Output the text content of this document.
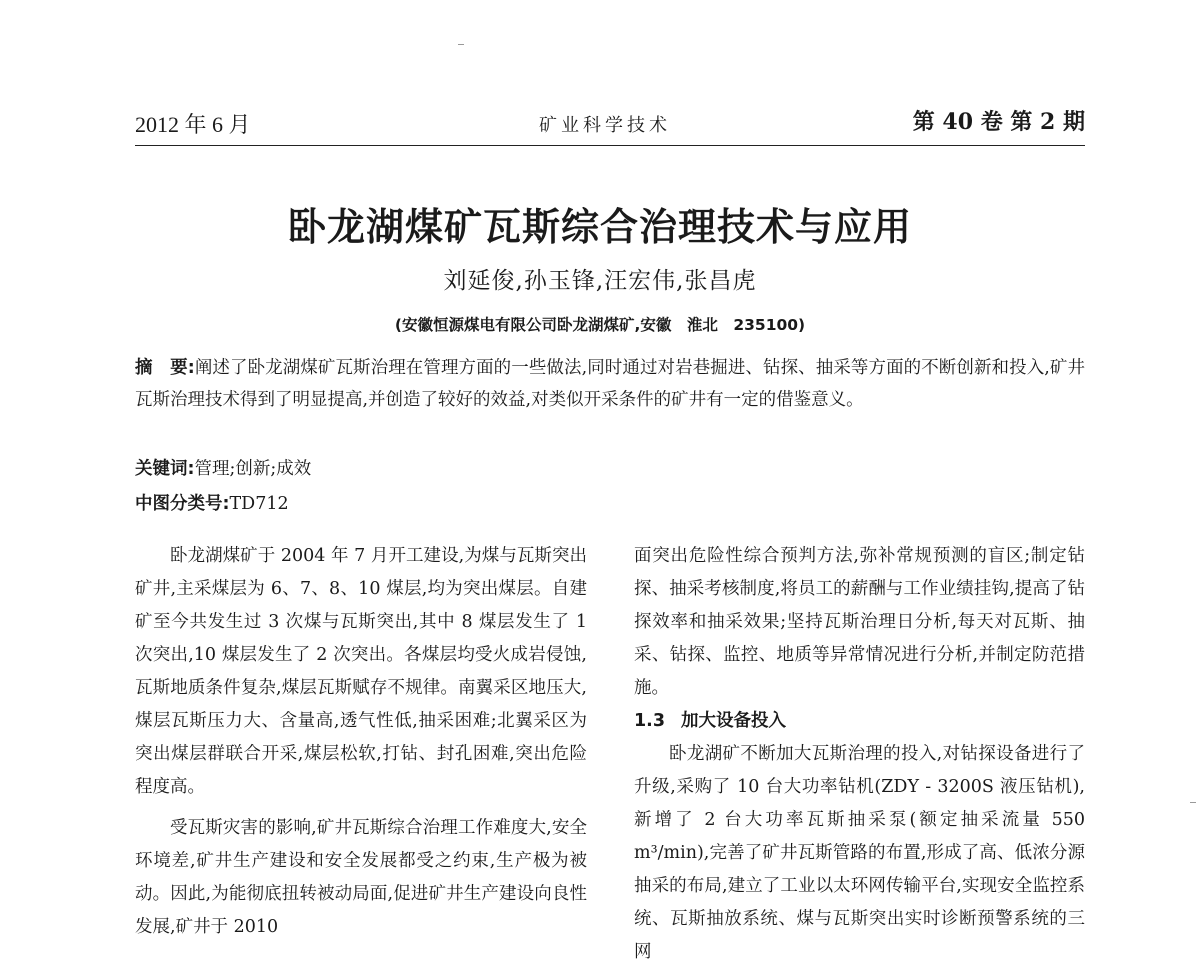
2012 年 6 月	矿业科学技术	第 40 卷 第 2 期
卧龙湖煤矿瓦斯综合治理技术与应用
刘延俊,孙玉锋,汪宏伟,张昌虎
(安徽恒源煤电有限公司卧龙湖煤矿,安徽　淮北　235100)
摘　要:阐述了卧龙湖煤矿瓦斯治理在管理方面的一些做法,同时通过对岩巷掘进、钻探、抽采等方面的不断创新和投入,矿井瓦斯治理技术得到了明显提高,并创造了较好的效益,对类似开采条件的矿井有一定的借鉴意义。
关键词:管理;创新;成效
中图分类号:TD712

卧龙湖煤矿于 2004 年 7 月开工建设,为煤与瓦斯突出矿井,主采煤层为 6、7、8、10 煤层,均为突出煤层。自建矿至今共发生过 3 次煤与瓦斯突出,其中 8 煤层发生了 1 次突出,10 煤层发生了 2 次突出。各煤层均受火成岩侵蚀,瓦斯地质条件复杂,煤层瓦斯赋存不规律。南翼采区地压大,煤层瓦斯压力大、含量高,透气性低,抽采困难;北翼采区为突出煤层群联合开采,煤层松软,打钻、封孔困难,突出危险程度高。

受瓦斯灾害的影响,矿井瓦斯综合治理工作难度大,安全环境差,矿井生产建设和安全发展都受之约束,生产极为被动。因此,为能彻底扭转被动局面,促进矿井生产建设向良性发展,矿井于 2010

面突出危险性综合预判方法,弥补常规预测的盲区;制定钻探、抽采考核制度,将员工的薪酬与工作业绩挂钩,提高了钻探效率和抽采效果;坚持瓦斯治理日分析,每天对瓦斯、抽采、钻探、监控、地质等异常情况进行分析,并制定防范措施。

1.3 加大设备投入

卧龙湖矿不断加大瓦斯治理的投入,对钻探设备进行了升级,采购了 10 台大功率钻机(ZDY - 3200S 液压钻机),新增了 2 台大功率瓦斯抽采泵(额定抽采流量 550 m³/min),完善了矿井瓦斯管路的布置,形成了高、低浓分源抽采的布局,建立了工业以太环网传输平台,实现安全监控系统、瓦斯抽放系统、煤与瓦斯突出实时诊断预警系统的三网
